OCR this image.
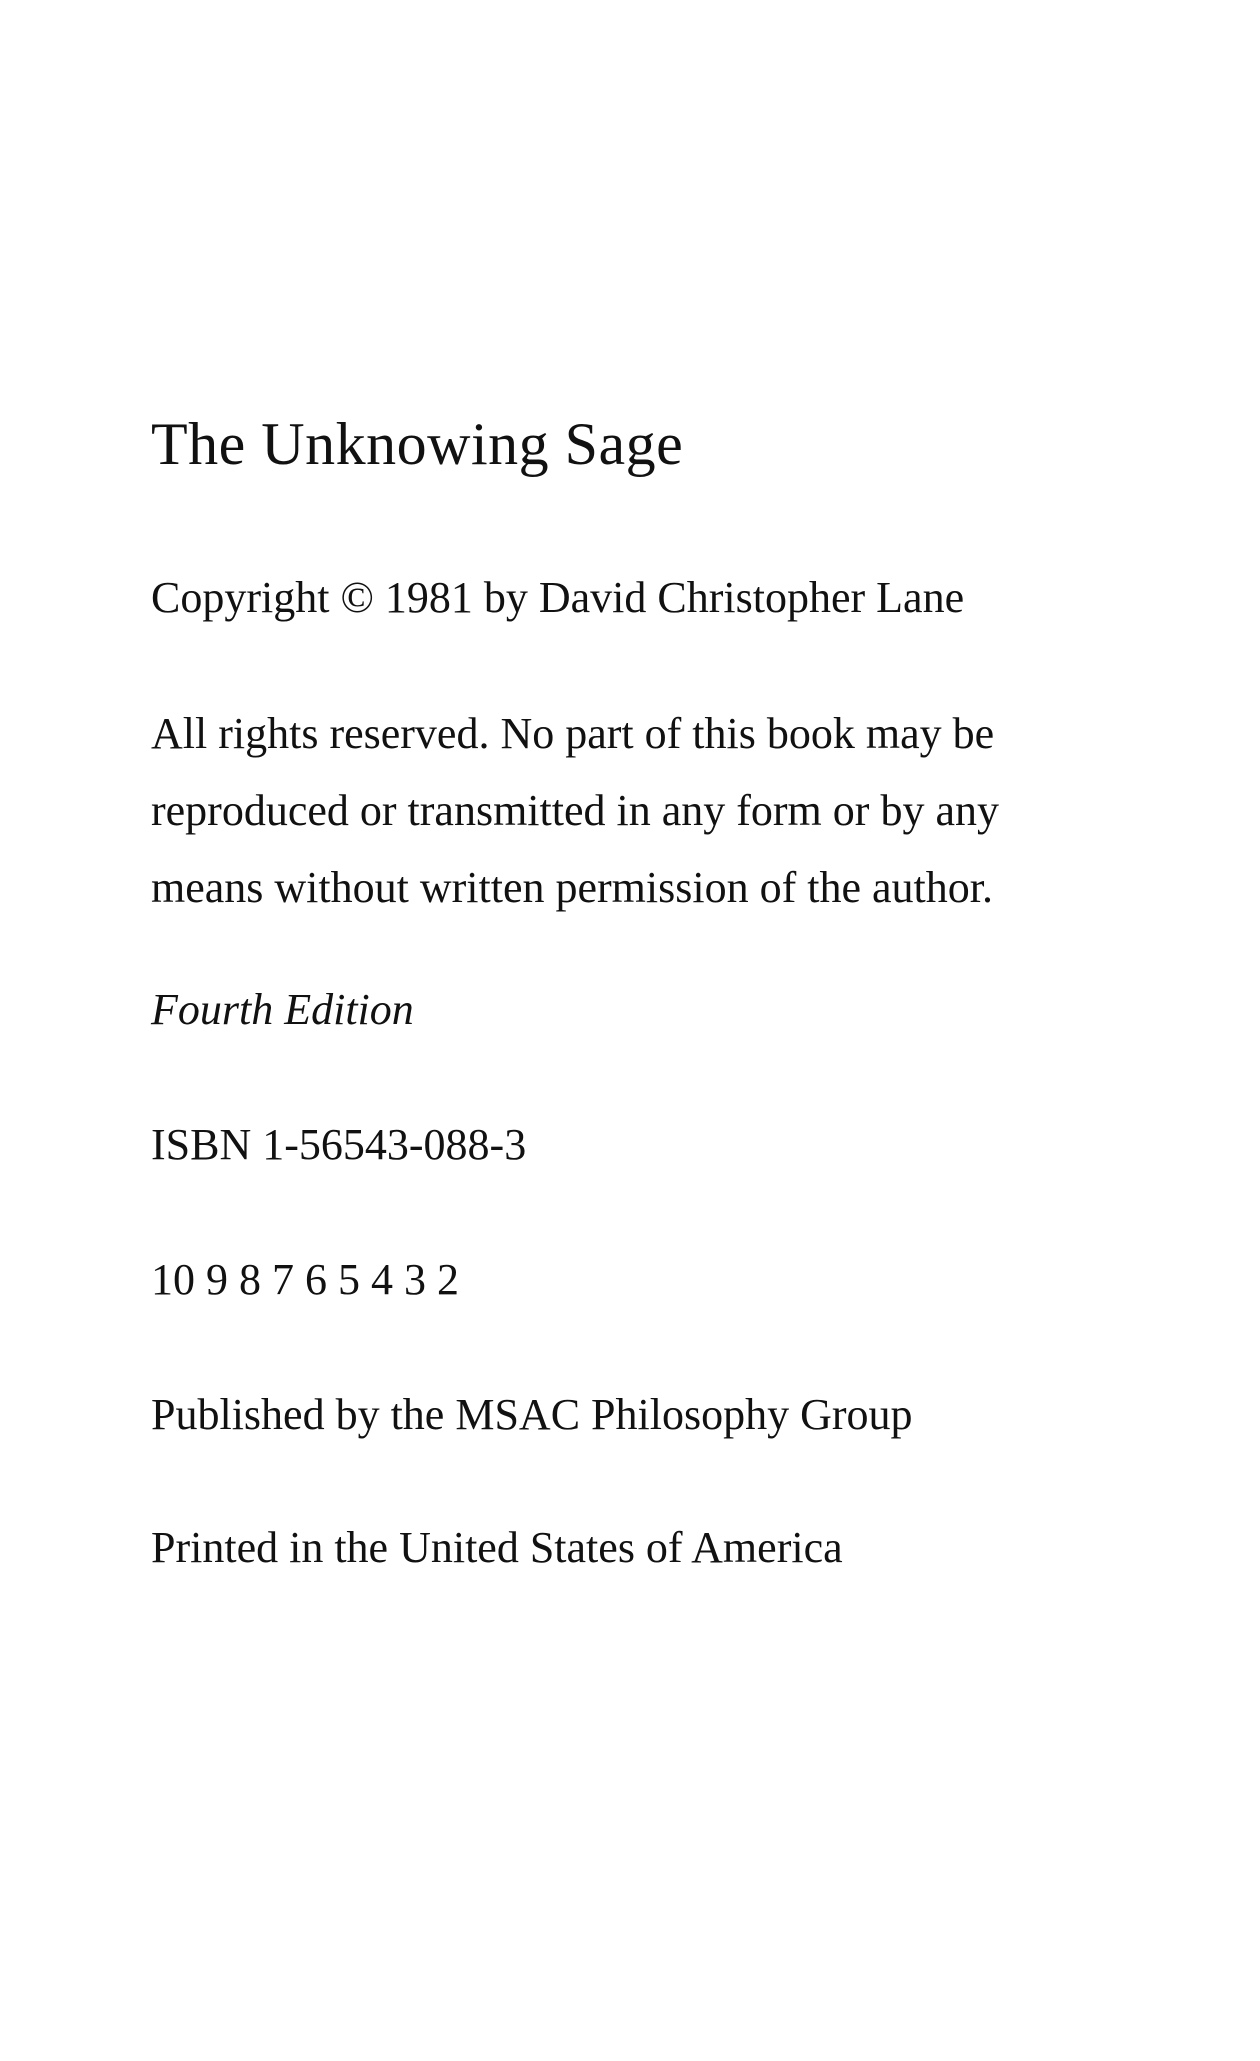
The Unknowing Sage
Copyright © 1981 by David Christopher Lane
All rights reserved. No part of this book may be
reproduced or transmitted in any form or by any
means without written permission of the author.
Fourth Edition
ISBN 1-56543-088-3
10 9 8 7 6 5 4 3 2
Published by the MSAC Philosophy Group
Printed in the United States of America
